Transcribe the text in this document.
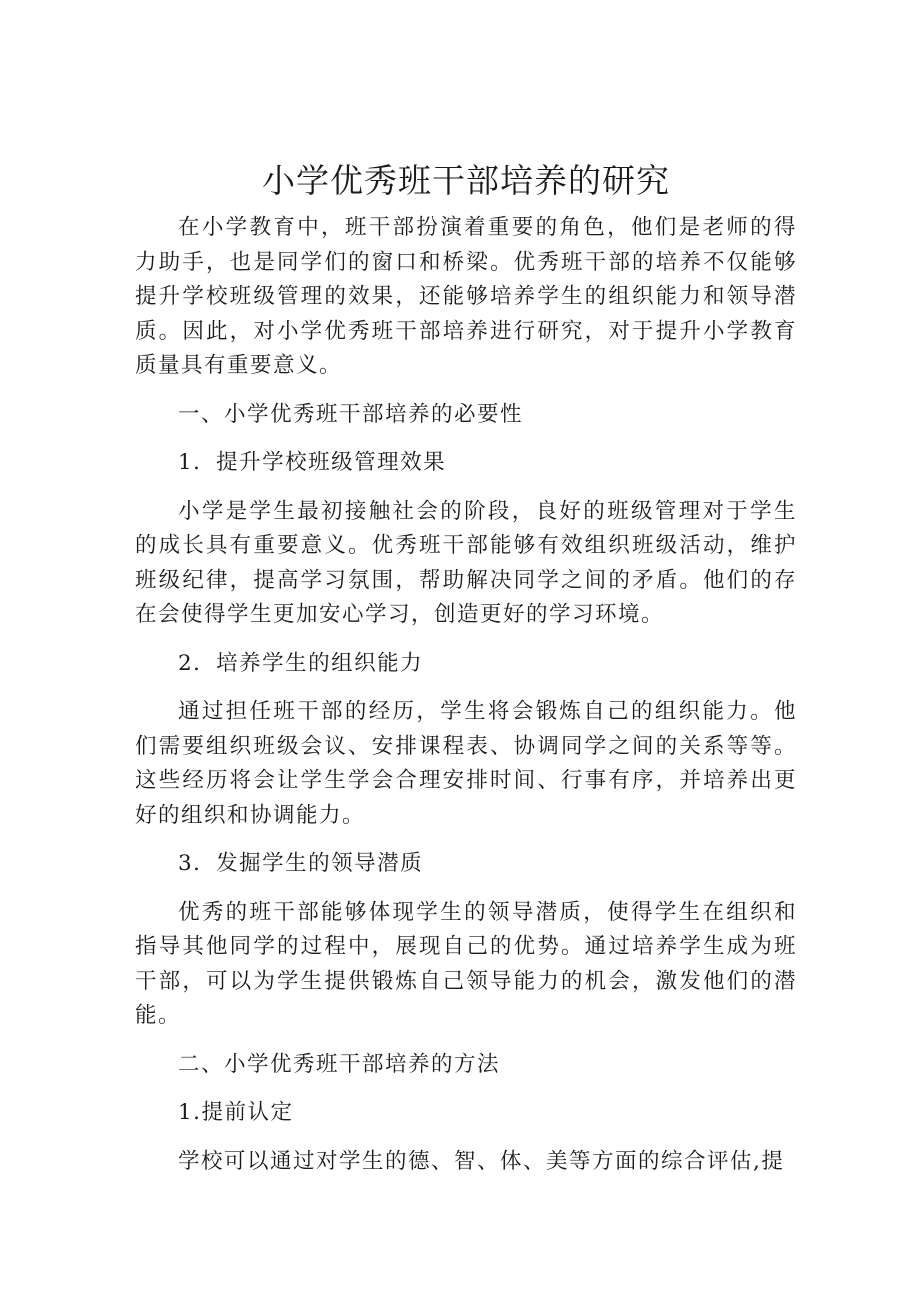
小学优秀班干部培养的研究

在小学教育中，班干部扮演着重要的角色，他们是老师的得力助手，也是同学们的窗口和桥梁。优秀班干部的培养不仅能够提升学校班级管理的效果，还能够培养学生的组织能力和领导潜质。因此，对小学优秀班干部培养进行研究，对于提升小学教育质量具有重要意义。

一、小学优秀班干部培养的必要性

1．提升学校班级管理效果

小学是学生最初接触社会的阶段，良好的班级管理对于学生的成长具有重要意义。优秀班干部能够有效组织班级活动，维护班级纪律，提高学习氛围，帮助解决同学之间的矛盾。他们的存在会使得学生更加安心学习，创造更好的学习环境。

2．培养学生的组织能力

通过担任班干部的经历，学生将会锻炼自己的组织能力。他们需要组织班级会议、安排课程表、协调同学之间的关系等等。这些经历将会让学生学会合理安排时间、行事有序，并培养出更好的组织和协调能力。

3．发掘学生的领导潜质

优秀的班干部能够体现学生的领导潜质，使得学生在组织和指导其他同学的过程中，展现自己的优势。通过培养学生成为班干部，可以为学生提供锻炼自己领导能力的机会，激发他们的潜能。

二、小学优秀班干部培养的方法

1.提前认定

学校可以通过对学生的德、智、体、美等方面的综合评估,提
